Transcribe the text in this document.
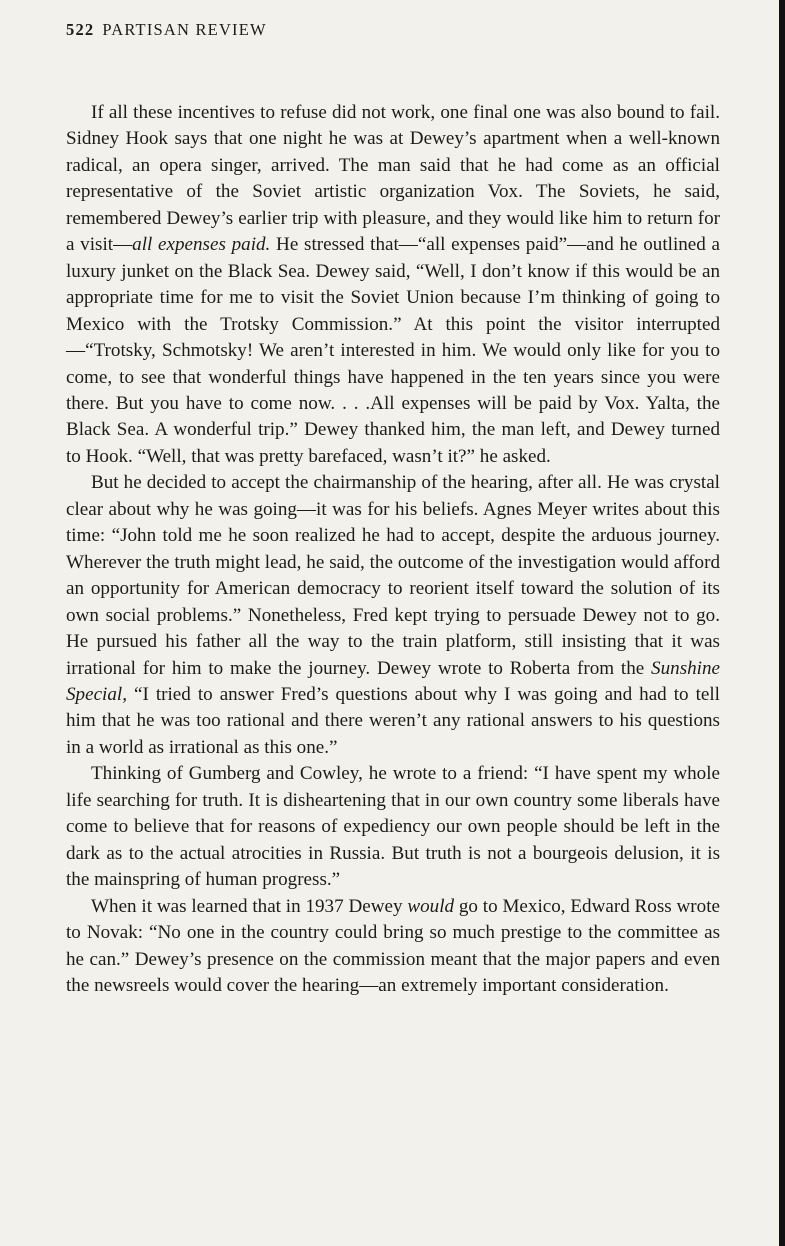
522 PARTISAN REVIEW

If all these incentives to refuse did not work, one final one was also bound to fail. Sidney Hook says that one night he was at Dewey’s apartment when a well-known radical, an opera singer, arrived. The man said that he had come as an official representative of the Soviet artistic organization Vox. The Soviets, he said, remembered Dewey’s earlier trip with pleasure, and they would like him to return for a visit—all expenses paid. He stressed that—“all expenses paid”—and he outlined a luxury junket on the Black Sea. Dewey said, “Well, I don’t know if this would be an appropriate time for me to visit the Soviet Union because I’m thinking of going to Mexico with the Trotsky Commission.” At this point the visitor interrupted—“Trotsky, Schmotsky! We aren’t interested in him. We would only like for you to come, to see that wonderful things have happened in the ten years since you were there. But you have to come now. . . .All expenses will be paid by Vox. Yalta, the Black Sea. A wonderful trip.” Dewey thanked him, the man left, and Dewey turned to Hook. “Well, that was pretty barefaced, wasn’t it?” he asked.

But he decided to accept the chairmanship of the hearing, after all. He was crystal clear about why he was going—it was for his beliefs. Agnes Meyer writes about this time: “John told me he soon realized he had to accept, despite the arduous journey. Wherever the truth might lead, he said, the outcome of the investigation would afford an opportunity for American democracy to reorient itself toward the solution of its own social problems.” Nonetheless, Fred kept trying to persuade Dewey not to go. He pursued his father all the way to the train platform, still insisting that it was irrational for him to make the journey. Dewey wrote to Roberta from the Sunshine Special, “I tried to answer Fred’s questions about why I was going and had to tell him that he was too rational and there weren’t any rational answers to his questions in a world as irrational as this one.”

Thinking of Gumberg and Cowley, he wrote to a friend: “I have spent my whole life searching for truth. It is disheartening that in our own country some liberals have come to believe that for reasons of expediency our own people should be left in the dark as to the actual atrocities in Russia. But truth is not a bourgeois delusion, it is the mainspring of human progress.”

When it was learned that in 1937 Dewey would go to Mexico, Edward Ross wrote to Novak: “No one in the country could bring so much prestige to the committee as he can.” Dewey’s presence on the commission meant that the major papers and even the newsreels would cover the hearing—an extremely important consideration.
